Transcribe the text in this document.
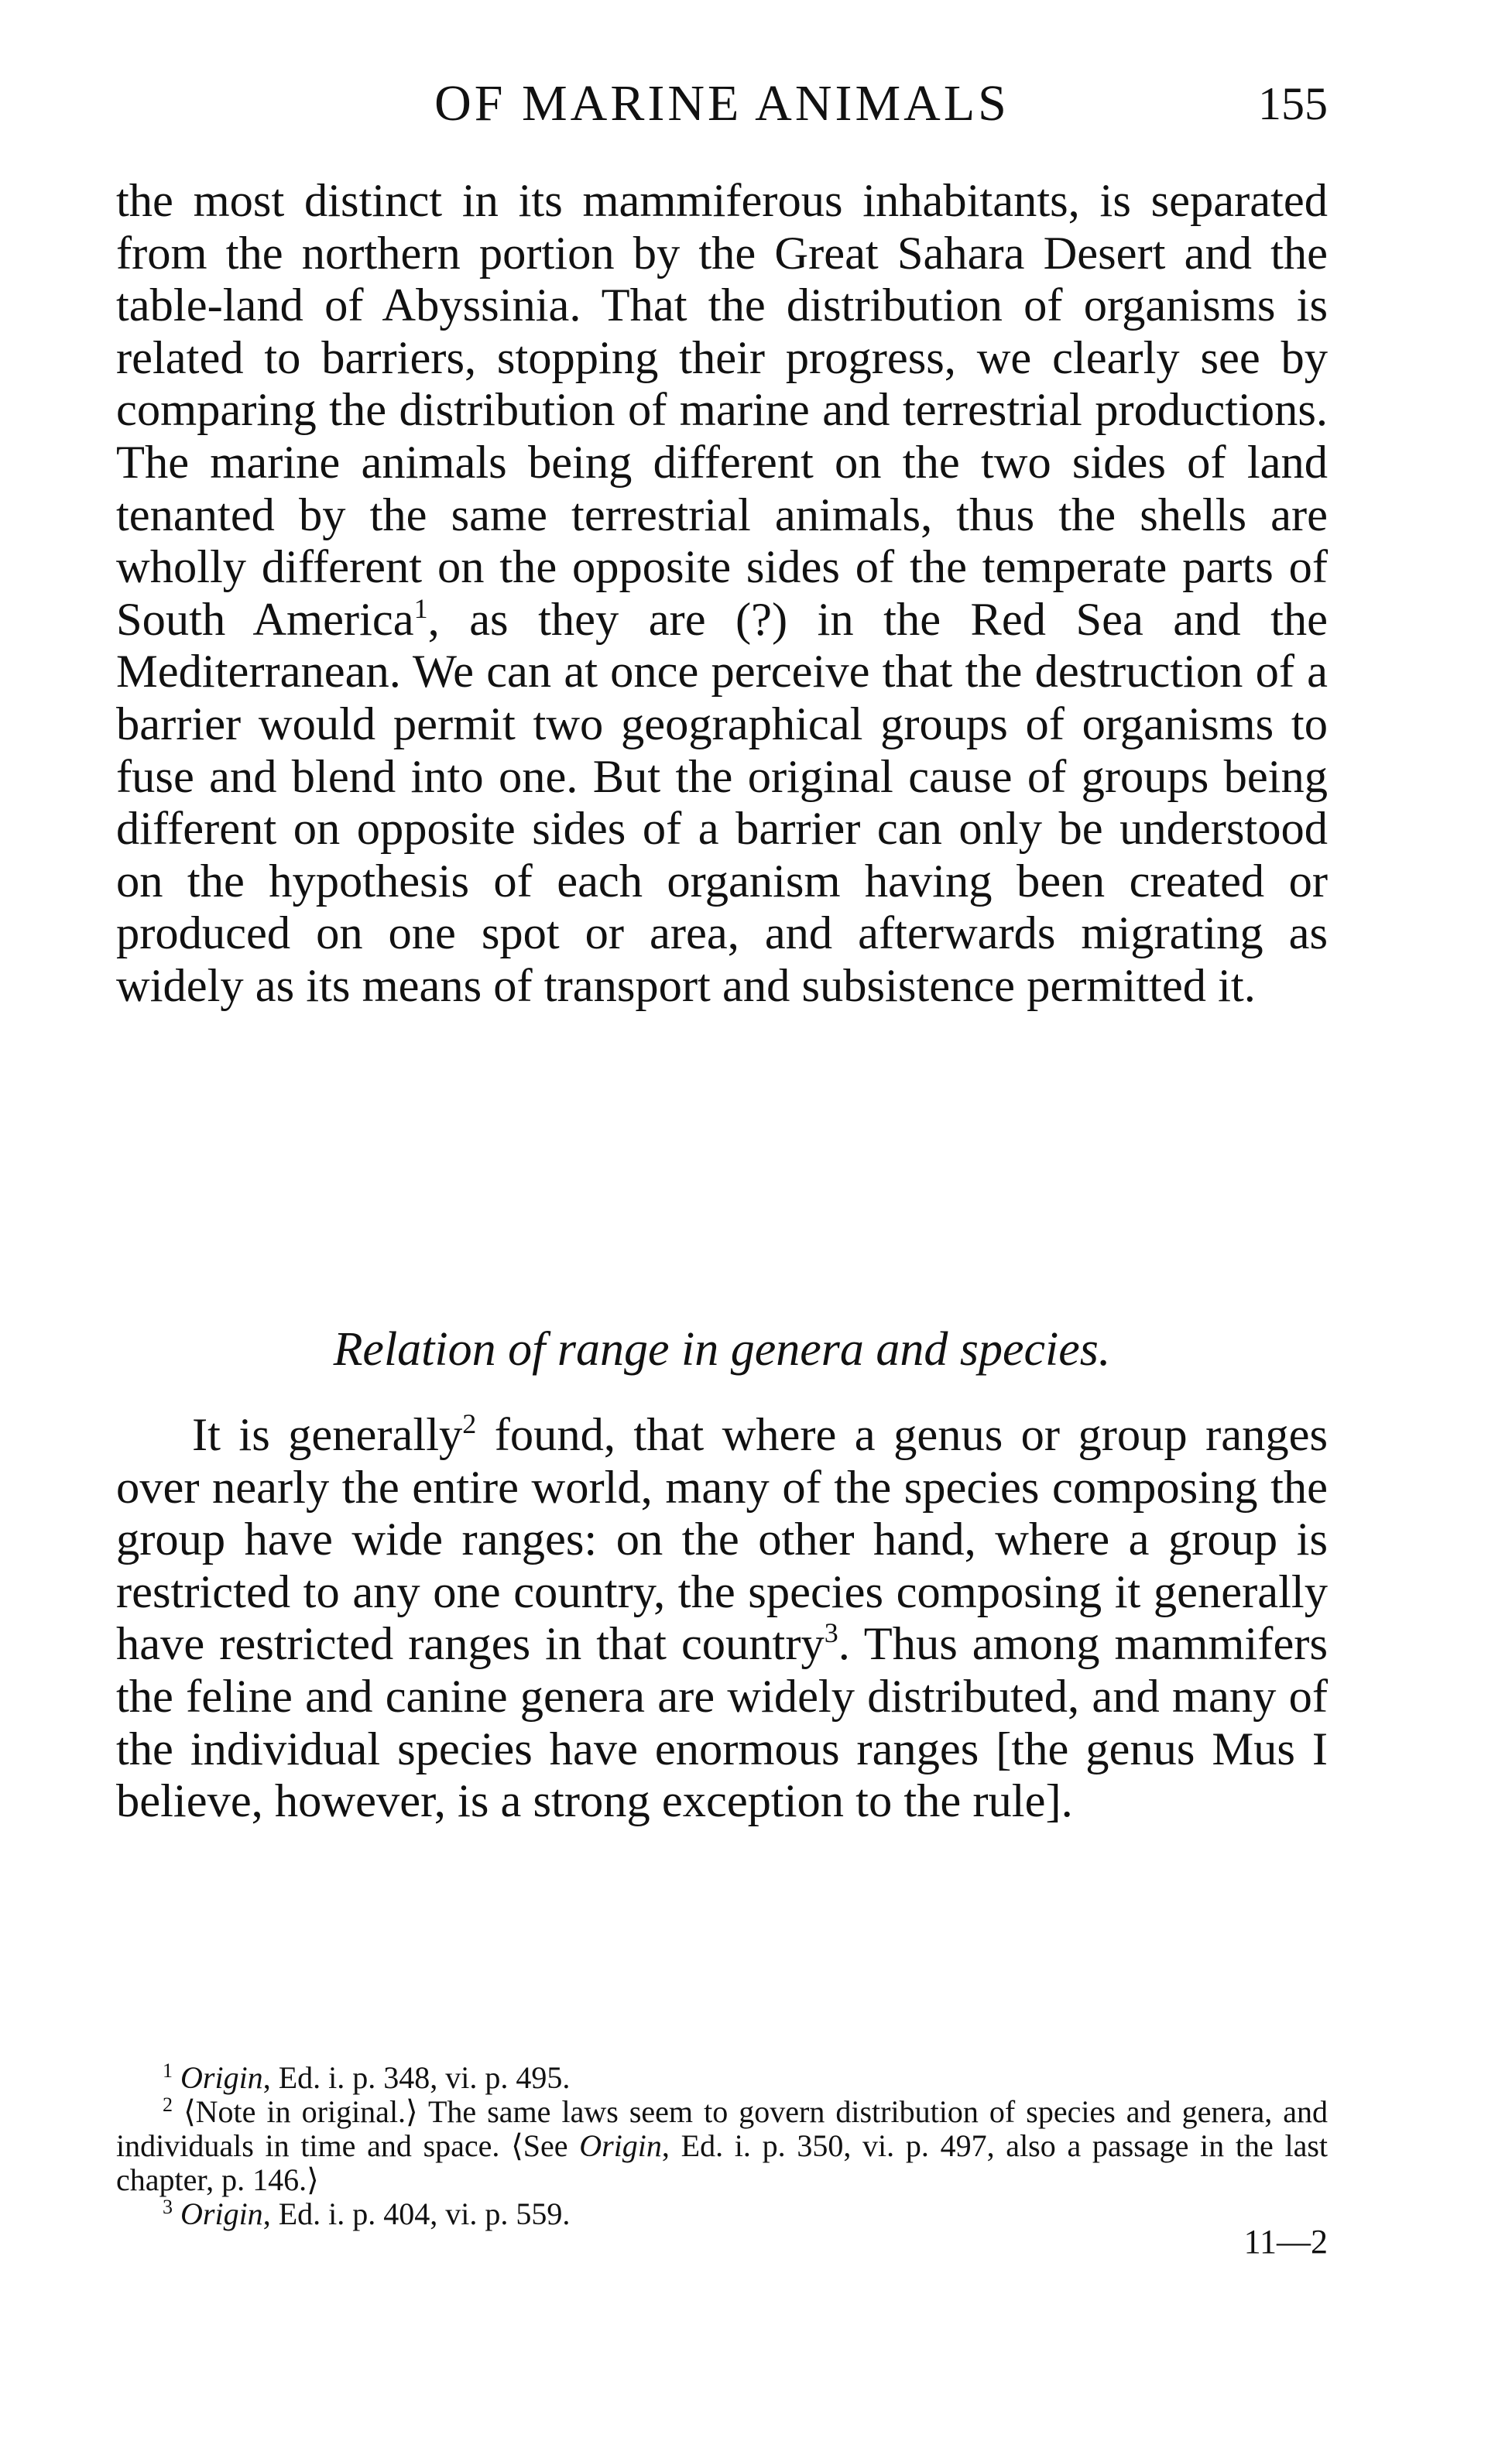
OF MARINE ANIMALS	155
the most distinct in its mammiferous inhabitants, is separated from the northern portion by the Great Sahara Desert and the table-land of Abyssinia. That the distribution of organisms is related to barriers, stopping their progress, we clearly see by comparing the distribution of marine and terrestrial productions. The marine animals being different on the two sides of land tenanted by the same terrestrial animals, thus the shells are wholly different on the opposite sides of the temperate parts of South America$^1$, as they are (?) in the Red Sea and the Mediterranean. We can at once perceive that the destruction of a barrier would permit two geographical groups of organisms to fuse and blend into one. But the original cause of groups being different on opposite sides of a barrier can only be understood on the hypothesis of each organism having been created or produced on one spot or area, and afterwards migrating as widely as its means of transport and subsistence permitted it.
Relation of range in genera and species.
It is generally$^2$ found, that where a genus or group ranges over nearly the entire world, many of the species composing the group have wide ranges: on the other hand, where a group is restricted to any one country, the species composing it generally have restricted ranges in that country$^3$. Thus among mammifers the feline and canine genera are widely distributed, and many of the individual species have enormous ranges [the genus Mus I believe, however, is a strong exception to the rule].

$^1$ Origin, Ed. i. p. 348, vi. p. 495.

$^2$ ⟨Note in original.⟩ The same laws seem to govern distribution of species and genera, and individuals in time and space. ⟨See Origin, Ed. i. p. 350, vi. p. 497, also a passage in the last chapter, p. 146.⟩

$^3$ Origin, Ed. i. p. 404, vi. p. 559.

11—2
